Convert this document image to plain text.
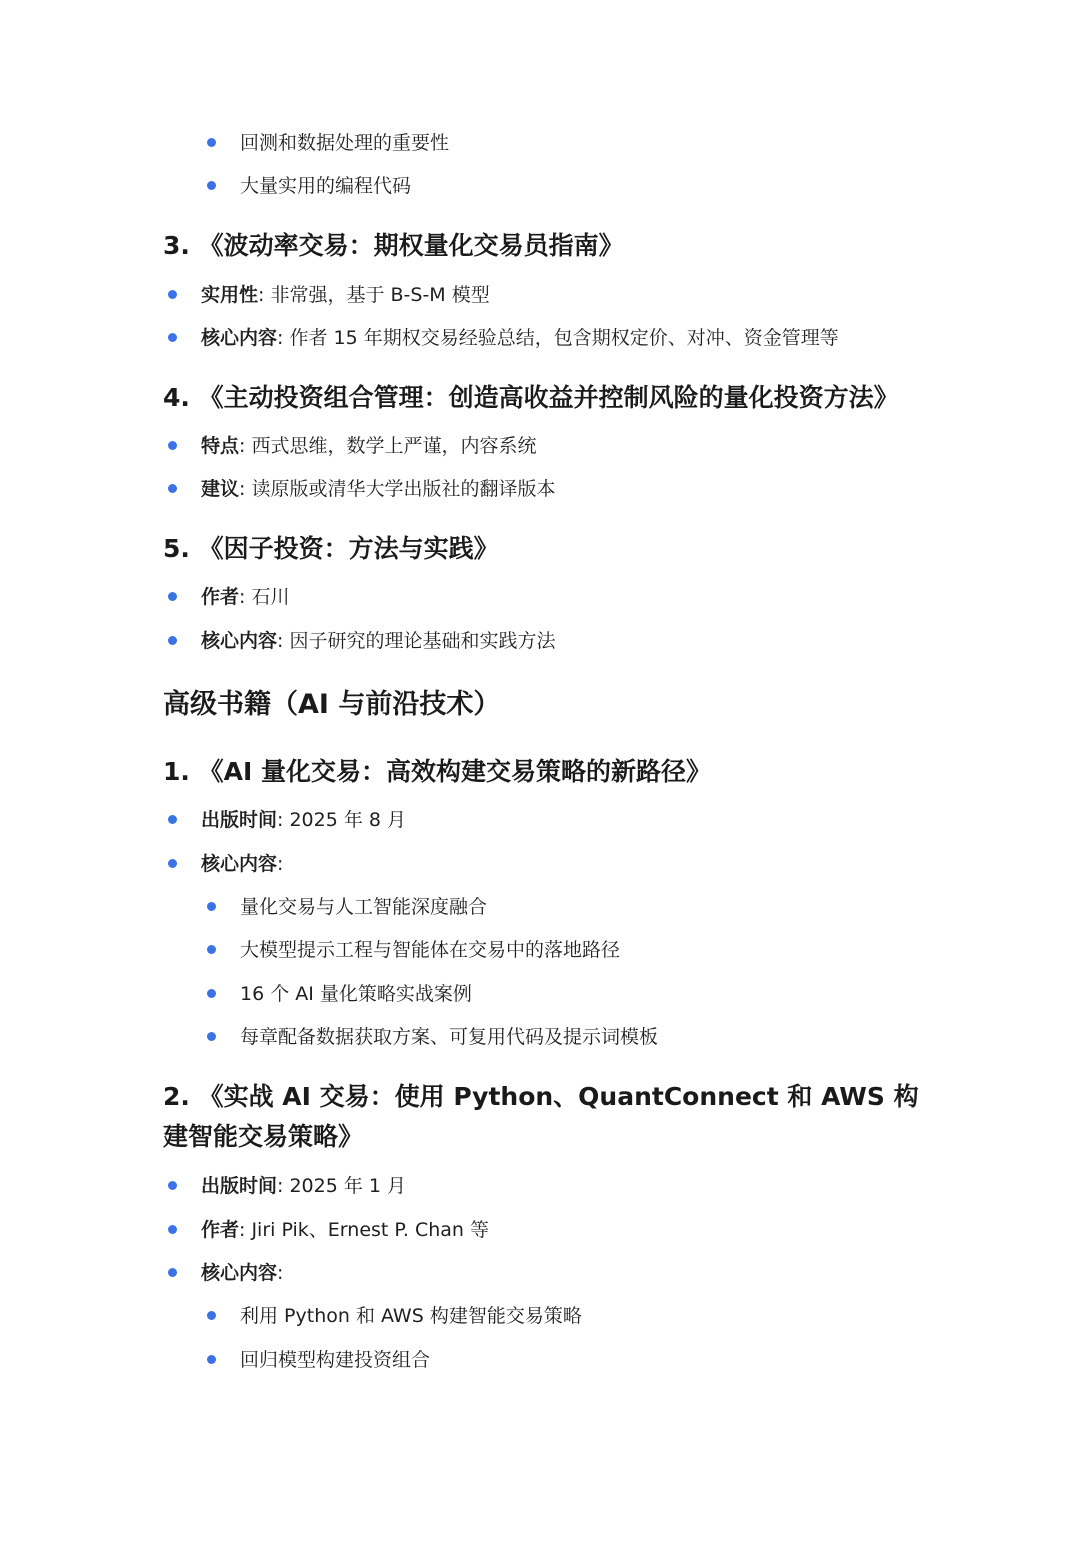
回测和数据处理的重要性
大量实用的编程代码
3. 《波动率交易：期权量化交易员指南》
实用性: 非常强，基于 B-S-M 模型
核心内容: 作者 15 年期权交易经验总结，包含期权定价、对冲、资金管理等
4. 《主动投资组合管理：创造高收益并控制风险的量化投资方法》
特点: 西式思维，数学上严谨，内容系统
建议: 读原版或清华大学出版社的翻译版本
5. 《因子投资：方法与实践》
作者: 石川
核心内容: 因子研究的理论基础和实践方法
高级书籍（AI 与前沿技术）
1. 《AI 量化交易：高效构建交易策略的新路径》
出版时间: 2025 年 8 月
核心内容:
量化交易与人工智能深度融合
大模型提示工程与智能体在交易中的落地路径
16 个 AI 量化策略实战案例
每章配备数据获取方案、可复用代码及提示词模板
2. 《实战 AI 交易：使用 Python、QuantConnect 和 AWS 构建智能交易策略》
出版时间: 2025 年 1 月
作者: Jiri Pik、Ernest P. Chan 等
核心内容:
利用 Python 和 AWS 构建智能交易策略
回归模型构建投资组合
